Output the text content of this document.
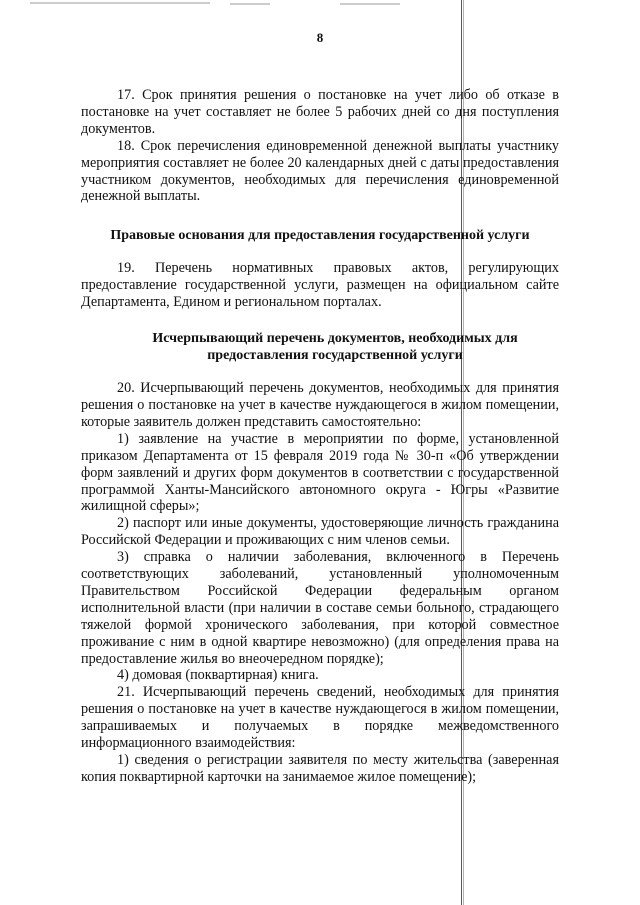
8

17. Срок принятия решения о постановке на учет либо об отказе в постановке на учет составляет не более 5 рабочих дней со дня поступления документов.

18. Срок перечисления единовременной денежной выплаты участнику мероприятия составляет не более 20 календарных дней с даты предоставления участником документов, необходимых для перечисления единовременной денежной выплаты.

Правовые основания для предоставления государственной услуги

19. Перечень нормативных правовых актов, регулирующих предоставление государственной услуги, размещен на официальном сайте Департамента, Едином и региональном порталах.

Исчерпывающий перечень документов, необходимых для
предоставления государственной услуги

20. Исчерпывающий перечень документов, необходимых для принятия решения о постановке на учет в качестве нуждающегося в жилом помещении, которые заявитель должен представить самостоятельно:

1) заявление на участие в мероприятии по форме, установленной приказом Департамента от 15 февраля 2019 года № 30-п «Об утверждении форм заявлений и других форм документов в соответствии с государственной программой Ханты-Мансийского автономного округа - Югры «Развитие жилищной сферы»;

2) паспорт или иные документы, удостоверяющие личность гражданина Российской Федерации и проживающих с ним членов семьи.

3) справка о наличии заболевания, включенного в Перечень соответствующих заболеваний, установленный уполномоченным Правительством Российской Федерации федеральным органом исполнительной власти (при наличии в составе семьи больного, страдающего тяжелой формой хронического заболевания, при которой совместное проживание с ним в одной квартире невозможно) (для определения права на предоставление жилья во внеочередном порядке);

4) домовая (поквартирная) книга.

21. Исчерпывающий перечень сведений, необходимых для принятия решения о постановке на учет в качестве нуждающегося в жилом помещении, запрашиваемых и получаемых в порядке межведомственного информационного взаимодействия:

1) сведения о регистрации заявителя по месту жительства (заверенная копия поквартирной карточки на занимаемое жилое помещение);
